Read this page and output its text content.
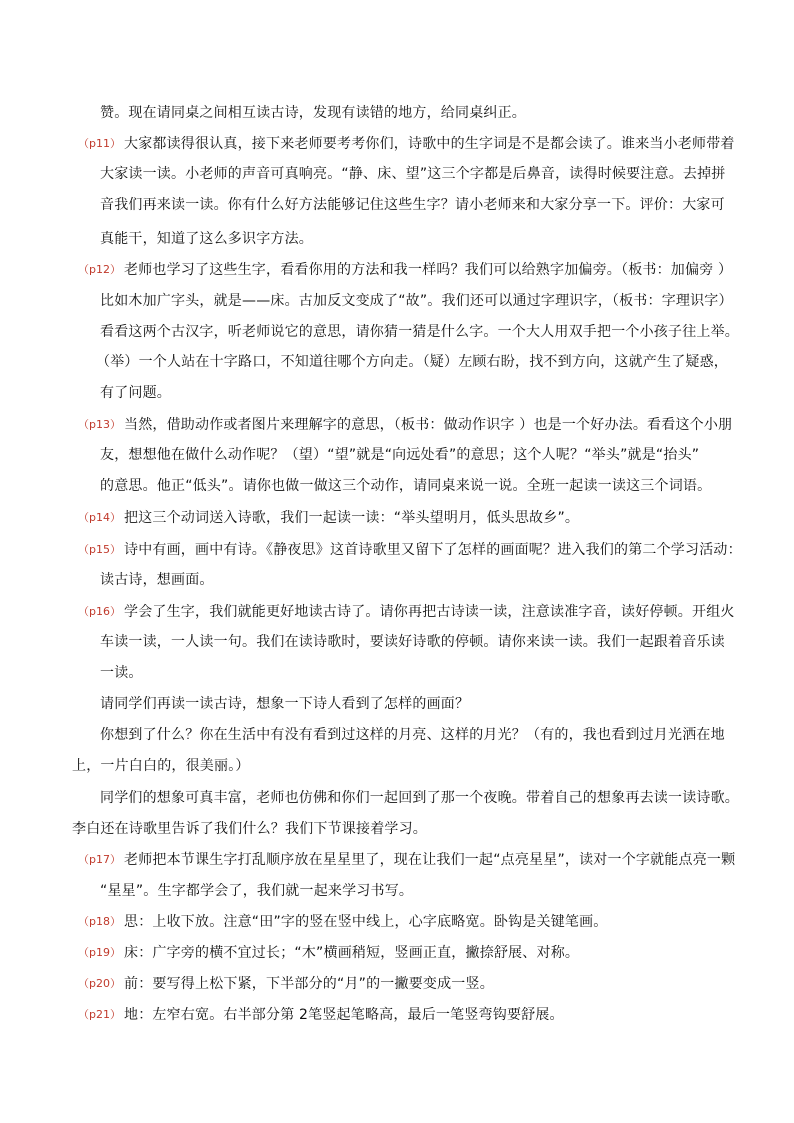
赞。现在请同桌之间相互读古诗，发现有读错的地方，给同桌纠正。
（p11） 大家都读得很认真，接下来老师要考考你们，诗歌中的生字词是不是都会读了。谁来当小老师带着
大家读一读。小老师的声音可真响亮。“静、床、望”这三个字都是后鼻音，读得时候要注意。去掉拼
音我们再来读一读。你有什么好方法能够记住这些生字？请小老师来和大家分享一下。评价：大家可
真能干，知道了这么多识字方法。
（p12） 老师也学习了这些生字，看看你用的方法和我一样吗？我们可以给熟字加偏旁。（板书：加偏旁 ）
比如木加广字头，就是——床。古加反文变成了“故”。我们还可以通过字理识字，（板书：字理识字）
看看这两个古汉字，听老师说它的意思，请你猜一猜是什么字。一个大人用双手把一个小孩子往上举。
（举）一个人站在十字路口，不知道往哪个方向走。（疑）左顾右盼，找不到方向，这就产生了疑惑，
有了问题。
（p13） 当然，借助动作或者图片来理解字的意思，（板书：做动作识字 ）也是一个好办法。看看这个小朋
友，想想他在做什么动作呢？（望）“望”就是“向远处看”的意思；这个人呢？“举头”就是“抬头”
的意思。他正“低头”。请你也做一做这三个动作，请同桌来说一说。全班一起读一读这三个词语。
（p14） 把这三个动词送入诗歌，我们一起读一读：“举头望明月，低头思故乡”。
（p15） 诗中有画，画中有诗。《静夜思》这首诗歌里又留下了怎样的画面呢？进入我们的第二个学习活动：
读古诗，想画面。
（p16） 学会了生字，我们就能更好地读古诗了。请你再把古诗读一读，注意读准字音，读好停顿。开组火
车读一读，一人读一句。我们在读诗歌时，要读好诗歌的停顿。请你来读一读。我们一起跟着音乐读
一读。
请同学们再读一读古诗，想象一下诗人看到了怎样的画面？
你想到了什么？你在生活中有没有看到过这样的月亮、这样的月光？（有的，我也看到过月光洒在地
上，一片白白的，很美丽。）
同学们的想象可真丰富，老师也仿佛和你们一起回到了那一个夜晚。带着自己的想象再去读一读诗歌。
李白还在诗歌里告诉了我们什么？我们下节课接着学习。
（p17） 老师把本节课生字打乱顺序放在星星里了，现在让我们一起“点亮星星”，读对一个字就能点亮一颗
“星星”。生字都学会了，我们就一起来学习书写。
（p18） 思：上收下放。注意“田”字的竖在竖中线上，心字底略宽。卧钩是关键笔画。
（p19） 床：广字旁的横不宜过长；“木”横画稍短，竖画正直，撇捺舒展、对称。
（p20） 前：要写得上松下紧，下半部分的“月”的一撇要变成一竖。
（p21） 地：左窄右宽。右半部分第 2笔竖起笔略高，最后一笔竖弯钩要舒展。
